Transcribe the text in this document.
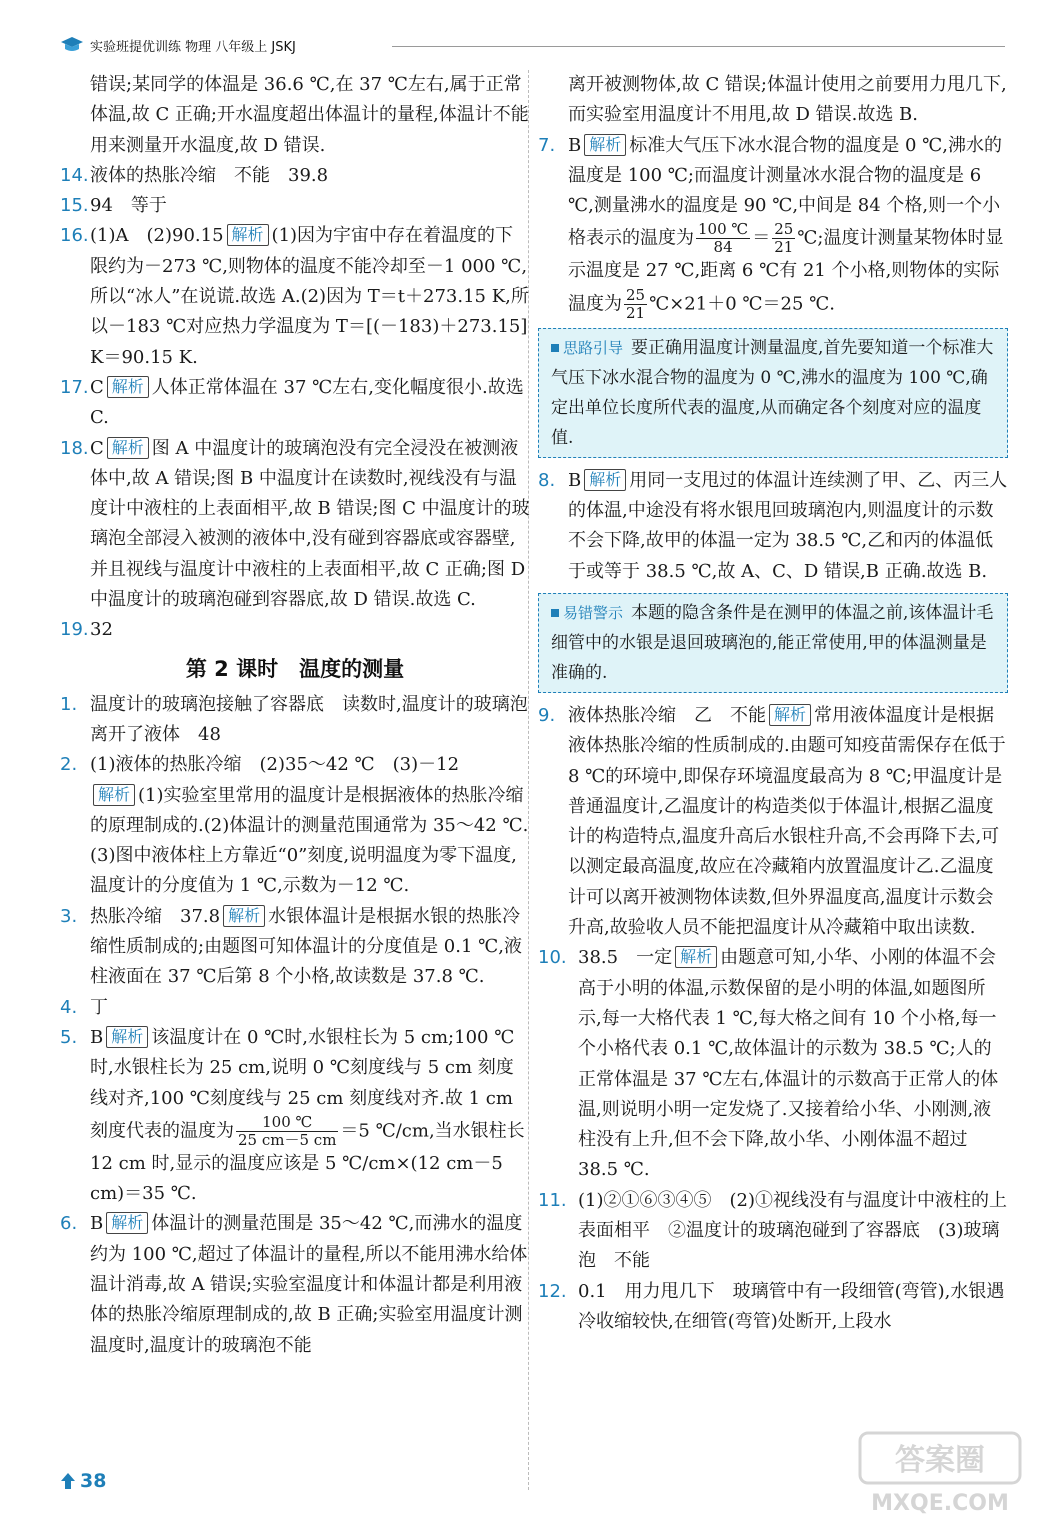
实验班提优训练 物理 八年级上 JSKJ

错误;某同学的体温是 36.6 ℃,在 37 ℃左右,属于正常体温,故 C 正确;开水温度超出体温计的量程,体温计不能用来测量开水温度,故 D 错误.

14. 液体的热胀冷缩　不能　39.8

15. 94　等于

16. (1)A　(2)90.15 解析 (1)因为宇宙中存在着温度的下限约为－273 ℃,则物体的温度不能冷却至－1 000 ℃,所以“冰人”在说谎.故选 A.(2)因为 T＝t＋273.15 K,所以－183 ℃对应热力学温度为 T＝[(－183)＋273.15] K＝90.15 K.

17. C 解析 人体正常体温在 37 ℃左右,变化幅度很小.故选 C.

18. C 解析 图 A 中温度计的玻璃泡没有完全浸没在被测液体中,故 A 错误;图 B 中温度计在读数时,视线没有与温度计中液柱的上表面相平,故 B 错误;图 C 中温度计的玻璃泡全部浸入被测的液体中,没有碰到容器底或容器壁,并且视线与温度计中液柱的上表面相平,故 C 正确;图 D 中温度计的玻璃泡碰到容器底,故 D 错误.故选 C.

19. 32

第 2 课时　温度的测量

1. 温度计的玻璃泡接触了容器底　读数时,温度计的玻璃泡离开了液体　48

2. (1)液体的热胀冷缩　(2)35～42 ℃　(3)－12
解析 (1)实验室里常用的温度计是根据液体的热胀冷缩的原理制成的.(2)体温计的测量范围通常为 35～42 ℃.(3)图中液体柱上方靠近“0”刻度,说明温度为零下温度,温度计的分度值为 1 ℃,示数为－12 ℃.

3. 热胀冷缩　37.8 解析 水银体温计是根据水银的热胀冷缩性质制成的;由题图可知体温计的分度值是 0.1 ℃,液柱液面在 37 ℃后第 8 个小格,故读数是 37.8 ℃.

4. 丁

5. B 解析 该温度计在 0 ℃时,水银柱长为 5 cm;100 ℃时,水银柱长为 25 cm,说明 0 ℃刻度线与 5 cm 刻度线对齐,100 ℃刻度线与 25 cm 刻度线对齐.故 1 cm 刻度代表的温度为 $\frac{100 ℃}{25 cm-5 cm} =5$ ℃/cm,当水银柱长 12 cm 时,显示的温度应该是 5 ℃/cm×(12 cm－5 cm)＝35 ℃.

6. B 解析 体温计的测量范围是 35～42 ℃,而沸水的温度约为 100 ℃,超过了体温计的量程,所以不能用沸水给体温计消毒,故 A 错误;实验室温度计和体温计都是利用液体的热胀冷缩原理制成的,故 B 正确;实验室用温度计测温度时,温度计的玻璃泡不能

离开被测物体,故 C 错误;体温计使用之前要用力甩几下,而实验室用温度计不用甩,故 D 错误.故选 B.

7. B 解析 标准大气压下冰水混合物的温度是 0 ℃,沸水的温度是 100 ℃;而温度计测量冰水混合物的温度是 6 ℃,测量沸水的温度是 90 ℃,中间是 84 个格,则一个小格表示的温度为 $\frac{100 ℃}{84} = \frac{25}{21}$ ℃;温度计测量某物体时显示温度是 27 ℃,距离 6 ℃有 21 个小格,则物体的实际温度为 $\frac{25}{21}$ ℃×21＋0 ℃＝25 ℃.

思路引导 要正确用温度计测量温度,首先要知道一个标准大气压下冰水混合物的温度为 0 ℃,沸水的温度为 100 ℃,确定出单位长度所代表的温度,从而确定各个刻度对应的温度值.

8. B 解析 用同一支甩过的体温计连续测了甲、乙、丙三人的体温,中途没有将水银甩回玻璃泡内,则温度计的示数不会下降,故甲的体温一定为 38.5 ℃,乙和丙的体温低于或等于 38.5 ℃,故 A、C、D 错误,B 正确.故选 B.

易错警示 本题的隐含条件是在测甲的体温之前,该体温计毛细管中的水银是退回玻璃泡的,能正常使用,甲的体温测量是准确的.

9. 液体热胀冷缩　乙　不能 解析 常用液体温度计是根据液体热胀冷缩的性质制成的.由题可知疫苗需保存在低于 8 ℃的环境中,即保存环境温度最高为 8 ℃;甲温度计是普通温度计,乙温度计的构造类似于体温计,根据乙温度计的构造特点,温度升高后水银柱升高,不会再降下去,可以测定最高温度,故应在冷藏箱内放置温度计乙.乙温度计可以离开被测物体读数,但外界温度高,温度计示数会升高,故验收人员不能把温度计从冷藏箱中取出读数.

10. 38.5　一定 解析 由题意可知,小华、小刚的体温不会高于小明的体温,示数保留的是小明的体温,如题图所示,每一大格代表 1 ℃,每大格之间有 10 个小格,每一个小格代表 0.1 ℃,故体温计的示数为 38.5 ℃;人的正常体温是 37 ℃左右,体温计的示数高于正常人的体温,则说明小明一定发烧了.又接着给小华、小刚测,液柱没有上升,但不会下降,故小华、小刚体温不超过 38.5 ℃.

11. (1)②①⑥③④⑤　(2)①视线没有与温度计中液柱的上表面相平　②温度计的玻璃泡碰到了容器底　(3)玻璃泡　不能

12. 0.1　用力甩几下　玻璃管中有一段细管(弯管),水银遇冷收缩较快,在细管(弯管)处断开,上段水

38
答案圈
MXQE.COM
